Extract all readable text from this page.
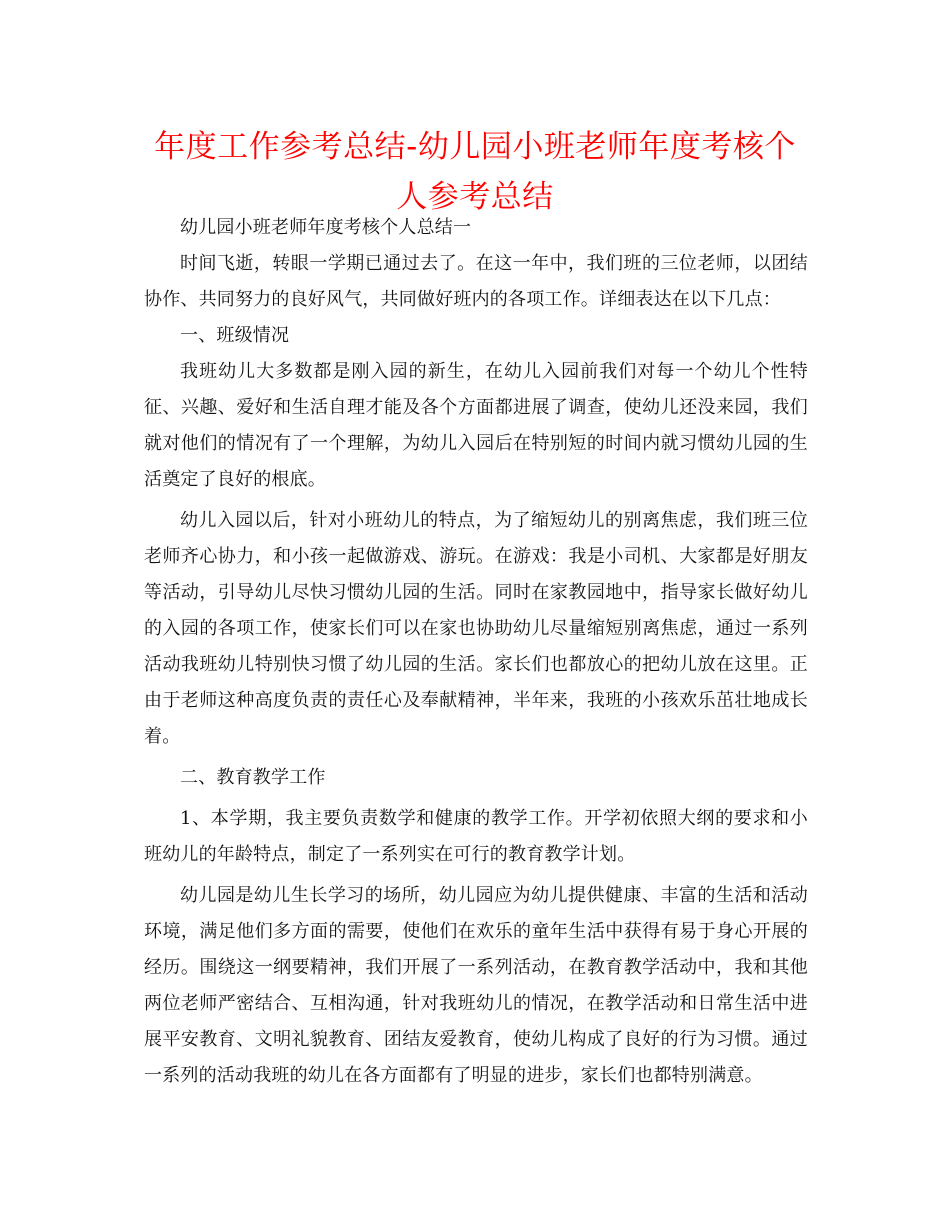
年度工作参考总结-幼儿园小班老师年度考核个人参考总结

幼儿园小班老师年度考核个人总结一

时间飞逝，转眼一学期已通过去了。在这一年中，我们班的三位老师，以团结协作、共同努力的良好风气，共同做好班内的各项工作。详细表达在以下几点：

一、班级情况

我班幼儿大多数都是刚入园的新生，在幼儿入园前我们对每一个幼儿个性特征、兴趣、爱好和生活自理才能及各个方面都进展了调查，使幼儿还没来园，我们就对他们的情况有了一个理解，为幼儿入园后在特别短的时间内就习惯幼儿园的生活奠定了良好的根底。

幼儿入园以后，针对小班幼儿的特点，为了缩短幼儿的别离焦虑，我们班三位老师齐心协力，和小孩一起做游戏、游玩。在游戏：我是小司机、大家都是好朋友等活动，引导幼儿尽快习惯幼儿园的生活。同时在家教园地中，指导家长做好幼儿的入园的各项工作，使家长们可以在家也协助幼儿尽量缩短别离焦虑，通过一系列活动我班幼儿特别快习惯了幼儿园的生活。家长们也都放心的把幼儿放在这里。正由于老师这种高度负责的责任心及奉献精神，半年来，我班的小孩欢乐茁壮地成长着。

二、教育教学工作

1、本学期，我主要负责数学和健康的教学工作。开学初依照大纲的要求和小班幼儿的年龄特点，制定了一系列实在可行的教育教学计划。

幼儿园是幼儿生长学习的场所，幼儿园应为幼儿提供健康、丰富的生活和活动环境，满足他们多方面的需要，使他们在欢乐的童年生活中获得有易于身心开展的经历。围绕这一纲要精神，我们开展了一系列活动，在教育教学活动中，我和其他两位老师严密结合、互相沟通，针对我班幼儿的情况，在教学活动和日常生活中进展平安教育、文明礼貌教育、团结友爱教育，使幼儿构成了良好的行为习惯。通过一系列的活动我班的幼儿在各方面都有了明显的进步，家长们也都特别满意。
